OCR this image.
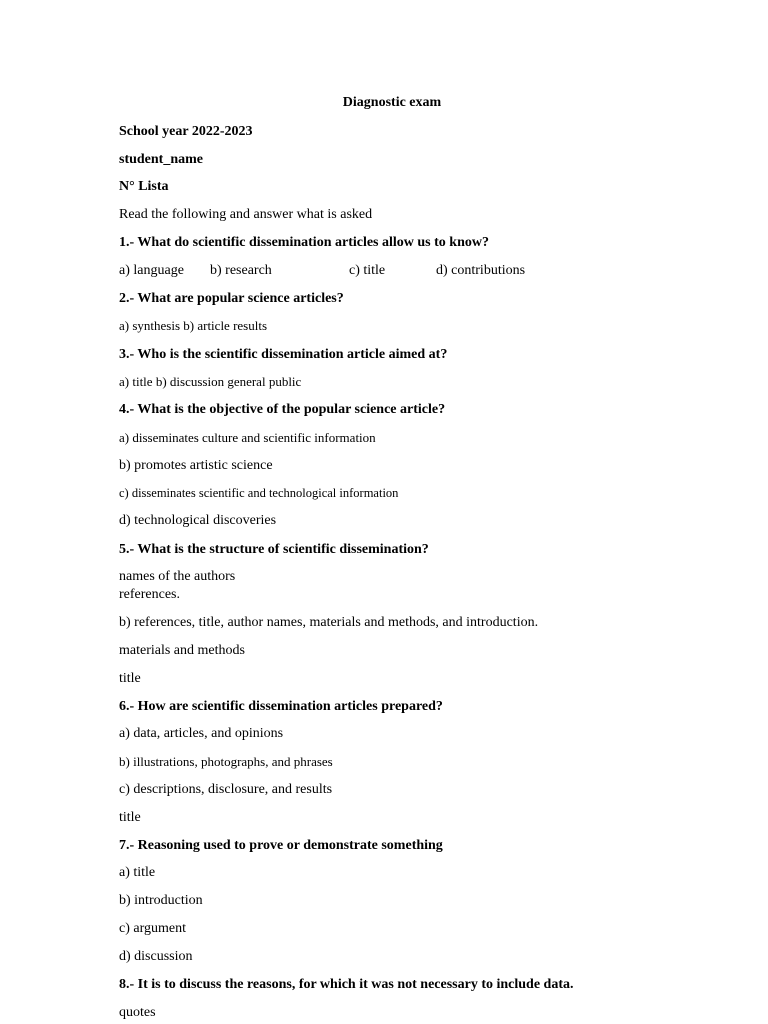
Diagnostic exam
School year 2022-2023
student_name
N° Lista
Read the following and answer what is asked
1.- What do scientific dissemination articles allow us to know?
a) language b) research	c) title	d) contributions
2.- What are popular science articles?
a) synthesis b) article results
3.- Who is the scientific dissemination article aimed at?
a) title b) discussion general public
4.- What is the objective of the popular science article?
a) disseminates culture and scientific information
b) promotes artistic science
c) disseminates scientific and technological information
d) technological discoveries
5.- What is the structure of scientific dissemination?
names of the authors
references.
b) references, title, author names, materials and methods, and introduction.
materials and methods
title
6.- How are scientific dissemination articles prepared?
a) data, articles, and opinions
b) illustrations, photographs, and phrases
c) descriptions, disclosure, and results
title
7.- Reasoning used to prove or demonstrate something
a) title
b) introduction
c) argument
d) discussion
8.- It is to discuss the reasons, for which it was not necessary to include data.
quotes
